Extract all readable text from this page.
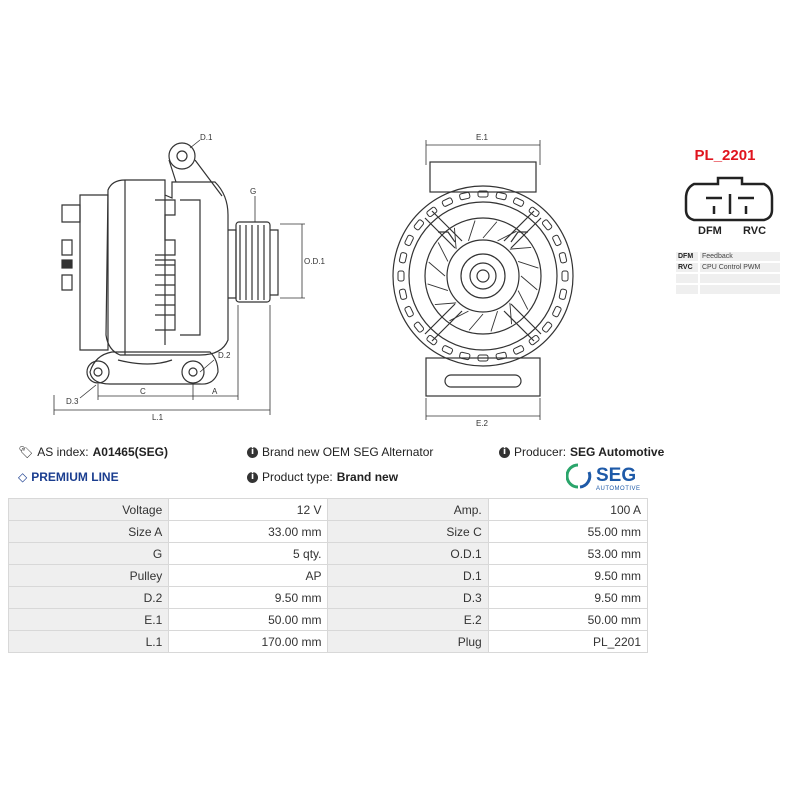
D.1
G
O.D.1
D.2
D.3
C	A
L.1
E.1
E.2
DFM RVC
PL_2201
DFM	Feedback
RVC	CPU Control PWM

🏷︎ AS index: A01465(SEG)
◇ PREMIUM LINE
i Brand new OEM SEG Alternator
i Product type: Brand new
i Producer: SEG Automotive
SEG
AUTOMOTIVE
Voltage	12 V	Amp.	100 A
Size A	33.00 mm	Size C	55.00 mm
G	5 qty.	O.D.1	53.00 mm
Pulley	AP	D.1	9.50 mm
D.2	9.50 mm	D.3	9.50 mm
E.1	50.00 mm	E.2	50.00 mm
L.1	170.00 mm	Plug	PL_2201
